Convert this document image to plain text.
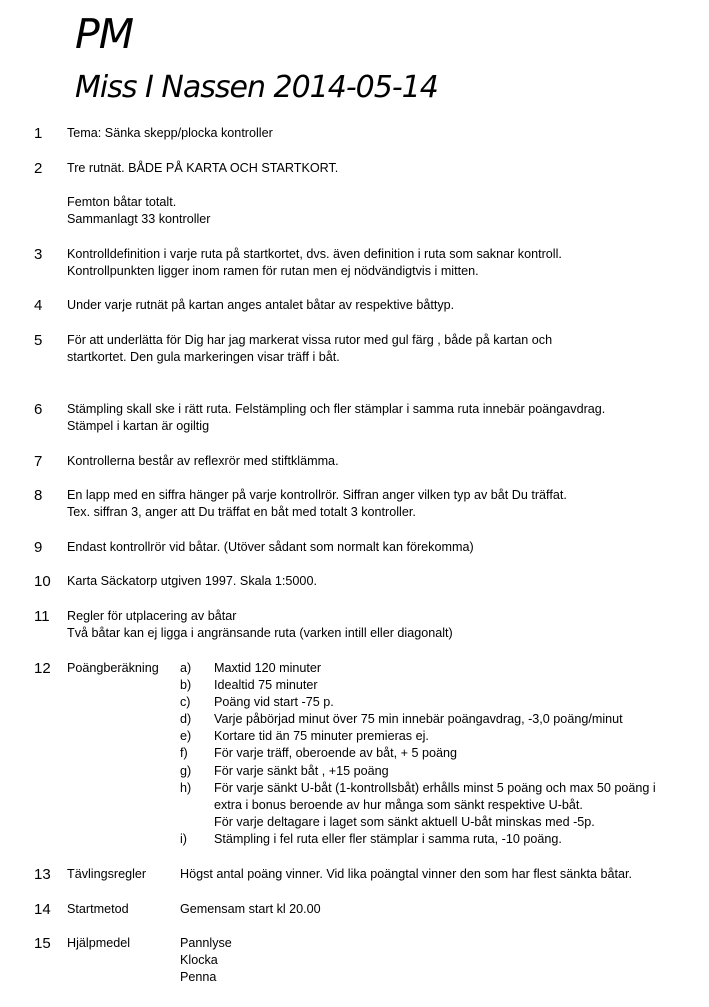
PM
Miss I Nassen 2014-05-14
1	Tema: Sänka skepp/plocka kontroller
2	Tre rutnät. BÅDE PÅ KARTA OCH STARTKORT.
Femton båtar totalt.
Sammanlagt 33 kontroller
3	Kontrolldefinition i varje ruta på startkortet, dvs. även definition i ruta som saknar kontroll.
Kontrollpunkten ligger inom ramen för rutan men ej nödvändigtvis i mitten.
4	Under varje rutnät på kartan anges antalet båtar av respektive båttyp.
5	För att underlätta för Dig har jag markerat vissa rutor med gul färg , både på kartan och
startkortet. Den gula markeringen visar träff i båt.
6	Stämpling skall ske i rätt ruta. Felstämpling och fler stämplar i samma ruta innebär poängavdrag.
Stämpel i kartan är ogiltig
7	Kontrollerna består av reflexrör med stiftklämma.
8	En lapp med en siffra hänger på varje kontrollrör. Siffran anger vilken typ av båt Du träffat.
Tex. siffran 3, anger att Du träffat en båt med totalt 3 kontroller.
9	Endast kontrollrör vid båtar. (Utöver sådant som normalt kan förekomma)
10	Karta Säckatorp utgiven 1997. Skala 1:5000.
11	Regler för utplacering av båtar
Två båtar kan ej ligga i angränsande ruta (varken intill eller diagonalt)
12	Poängberäkning a) Maxtid 120 minuter
b) Idealtid 75 minuter
c) Poäng vid start -75 p.
d) Varje påbörjad minut över 75 min innebär poängavdrag, -3,0 poäng/minut
e) Kortare tid än 75 minuter premieras ej.
f) För varje träff, oberoende av båt, + 5 poäng
g) För varje sänkt båt , +15 poäng
h) För varje sänkt U-båt (1-kontrollsbåt) erhålls minst 5 poäng och max 50 poäng i
extra i bonus beroende av hur många som sänkt respektive U-båt.
För varje deltagare i laget som sänkt aktuell U-båt minskas med -5p.
i) Stämpling i fel ruta eller fler stämplar i samma ruta, -10 poäng.
13	Tävlingsregler	Högst antal poäng vinner. Vid lika poängtal vinner den som har flest sänkta båtar.
14	Startmetod	Gemensam start kl 20.00
15	Hjälpmedel	Pannlyse
Klocka
Penna
